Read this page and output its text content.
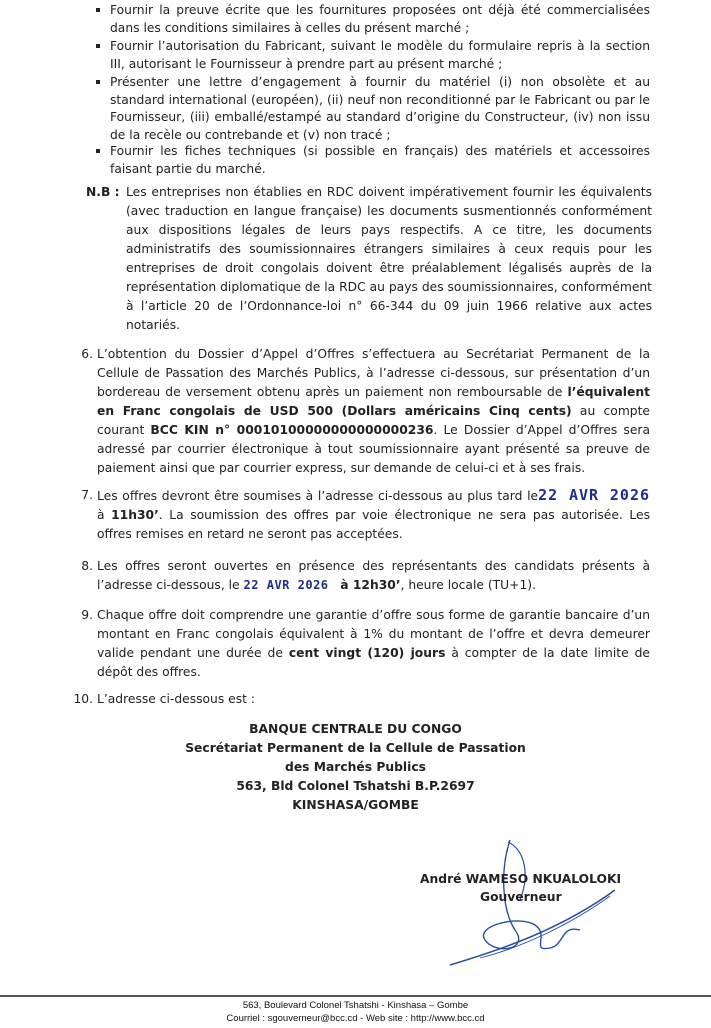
Fournir la preuve écrite que les fournitures proposées ont déjà été commercialisées dans les conditions similaires à celles du présent marché ;
Fournir l’autorisation du Fabricant, suivant le modèle du formulaire repris à la section III, autorisant le Fournisseur à prendre part au présent marché ;
Présenter une lettre d’engagement à fournir du matériel (i) non obsolète et au standard international (européen), (ii) neuf non reconditionné par le Fabricant ou par le Fournisseur, (iii) emballé/estampé au standard d’origine du Constructeur, (iv) non issu de la recèle ou contrebande et (v) non tracé ;
Fournir les fiches techniques (si possible en français) des matériels et accessoires faisant partie du marché.
N.B : Les entreprises non établies en RDC doivent impérativement fournir les équivalents (avec traduction en langue française) les documents susmentionnés conformément aux dispositions légales de leurs pays respectifs. A ce titre, les documents administratifs des soumissionnaires étrangers similaires à ceux requis pour les entreprises de droit congolais doivent être préalablement légalisés auprès de la représentation diplomatique de la RDC au pays des soumissionnaires, conformément à l’article 20 de l’Ordonnance-loi n° 66-344 du 09 juin 1966 relative aux actes notariés.
6. L’obtention du Dossier d’Appel d’Offres s’effectuera au Secrétariat Permanent de la Cellule de Passation des Marchés Publics, à l’adresse ci-dessous, sur présentation d’un bordereau de versement obtenu après un paiement non remboursable de l’équivalent en Franc congolais de USD 500 (Dollars américains Cinq cents) au compte courant BCC KIN n° 00010100000000000000236. Le Dossier d’Appel d’Offres sera adressé par courrier électronique à tout soumissionnaire ayant présenté sa preuve de paiement ainsi que par courrier express, sur demande de celui-ci et à ses frais.
7. Les offres devront être soumises à l’adresse ci-dessous au plus tard le22 AVR 2026 à 11h30’. La soumission des offres par voie électronique ne sera pas autorisée. Les offres remises en retard ne seront pas acceptées.
8. Les offres seront ouvertes en présence des représentants des candidats présents à l’adresse ci-dessous, le 22 AVR 2026 à 12h30’, heure locale (TU+1).
9. Chaque offre doit comprendre une garantie d’offre sous forme de garantie bancaire d’un montant en Franc congolais équivalent à 1% du montant de l’offre et devra demeurer valide pendant une durée de cent vingt (120) jours à compter de la date limite de dépôt des offres.
10. L’adresse ci-dessous est :
BANQUE CENTRALE DU CONGO
Secrétariat Permanent de la Cellule de Passation
des Marchés Publics
563, Bld Colonel Tshatshi B.P.2697
KINSHASA/GOMBE
André WAMESO NKUALOLOKI
Gouverneur
563, Boulevard Colonel Tshatshi - Kinshasa – Gombe
Courriel : sgouverneur@bcc.cd - Web site : http://www.bcc.cd
